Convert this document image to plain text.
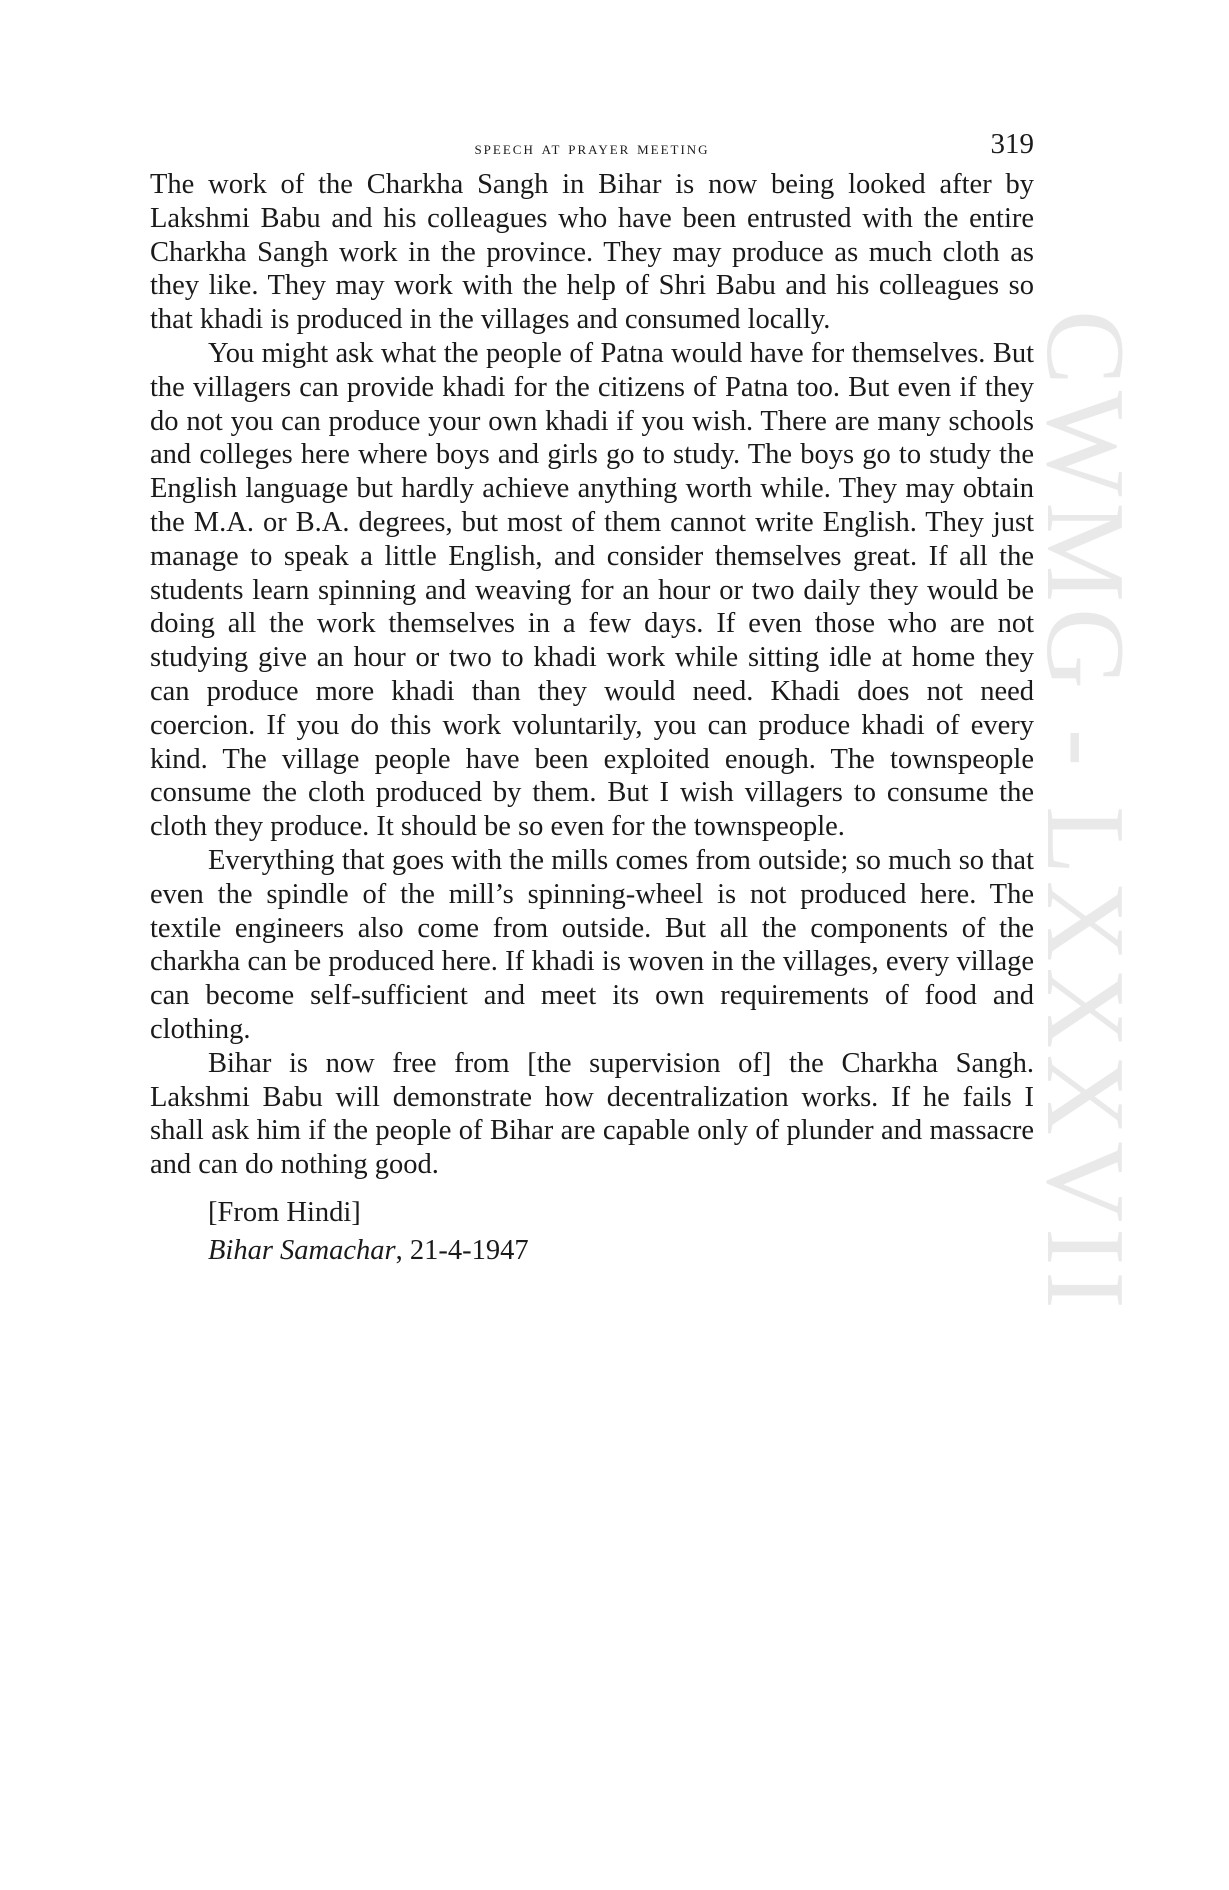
CWMG - LXXXVII
speech at prayer meeting	319

The work of the Charkha Sangh in Bihar is now being looked after by Lakshmi Babu and his colleagues who have been entrusted with the entire Charkha Sangh work in the province. They may produce as much cloth as they like. They may work with the help of Shri Babu and his colleagues so that khadi is produced in the villages and consumed locally.

You might ask what the people of Patna would have for themselves. But the villagers can provide khadi for the citizens of Patna too. But even if they do not you can produce your own khadi if you wish. There are many schools and colleges here where boys and girls go to study. The boys go to study the English language but hardly achieve anything worth while. They may obtain the M.A. or B.A. degrees, but most of them cannot write English. They just manage to speak a little English, and consider themselves great. If all the students learn spinning and weaving for an hour or two daily they would be doing all the work themselves in a few days. If even those who are not studying give an hour or two to khadi work while sitting idle at home they can produce more khadi than they would need. Khadi does not need coercion. If you do this work voluntarily, you can produce khadi of every kind. The village people have been exploited enough. The townspeople consume the cloth produced by them. But I wish villagers to consume the cloth they produce. It should be so even for the townspeople.

Everything that goes with the mills comes from outside; so much so that even the spindle of the mill’s spinning-wheel is not produced here. The textile engineers also come from outside. But all the components of the charkha can be produced here. If khadi is woven in the villages, every village can become self-sufficient and meet its own requirements of food and clothing.

Bihar is now free from [the supervision of] the Charkha Sangh. Lakshmi Babu will demonstrate how decentralization works. If he fails I shall ask him if the people of Bihar are capable only of plunder and massacre and can do nothing good.

[From Hindi]
Bihar Samachar, 21-4-1947
